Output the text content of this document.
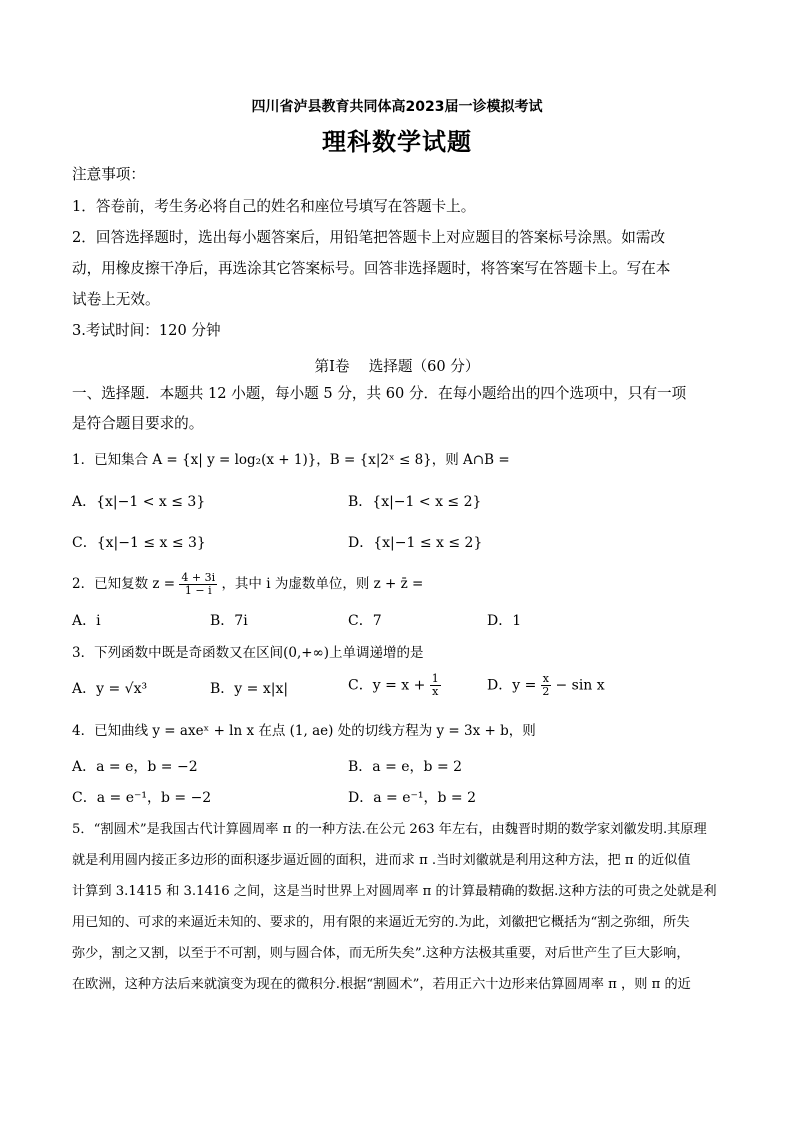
四川省泸县教育共同体高2023届一诊模拟考试
理科数学试题
注意事项：
1．答卷前，考生务必将自己的姓名和座位号填写在答题卡上。
2．回答选择题时，选出每小题答案后，用铅笔把答题卡上对应题目的答案标号涂黑。如需改
动，用橡皮擦干净后，再选涂其它答案标号。回答非选择题时，将答案写在答题卡上。写在本
试卷上无效。
3.考试时间：120 分钟
第Ⅰ卷　 选择题（60 分）
一、选择题．本题共 12 小题，每小题 5 分，共 60 分．在每小题给出的四个选项中，只有一项
是符合题目要求的。
1．已知集合 A = {x| y = log₂(x + 1)}，B = {x|2ˣ ≤ 8}，则 A∩B =
A．{x|−1 < x ≤ 3}	B．{x|−1 < x ≤ 2}
C．{x|−1 ≤ x ≤ 3}	D．{x|−1 ≤ x ≤ 2}
2．已知复数 $z = \frac{4 + 3i}{1 - i}$ ，其中 i 为虚数单位，则 z + z̄ =
A．i	B．7i	C．7	D．1
3．下列函数中既是奇函数又在区间(0,+∞)上单调递增的是
A．y = √x³	B．y = x|x|	C．$y = x + \frac{1}{x}$	D．$y = \frac{x}{2} - \sin x$
4．已知曲线 y = axeˣ + ln x 在点 (1, ae) 处的切线方程为 y = 3x + b，则
A．a = e，b = −2	B．a = e，b = 2
C．a = e⁻¹，b = −2	D．a = e⁻¹，b = 2
5．“割圆术”是我国古代计算圆周率 π 的一种方法.在公元 263 年左右，由魏晋时期的数学家刘徽发明.其原理
就是利用圆内接正多边形的面积逐步逼近圆的面积，进而求 π .当时刘徽就是利用这种方法，把 π 的近似值
计算到 3.1415 和 3.1416 之间，这是当时世界上对圆周率 π 的计算最精确的数据.这种方法的可贵之处就是利
用已知的、可求的来逼近未知的、要求的，用有限的来逼近无穷的.为此，刘徽把它概括为“割之弥细，所失
弥少，割之又割，以至于不可割，则与圆合体，而无所失矣”.这种方法极其重要，对后世产生了巨大影响，
在欧洲，这种方法后来就演变为现在的微积分.根据“割圆术”，若用正六十边形来估算圆周率 π ，则 π 的近
